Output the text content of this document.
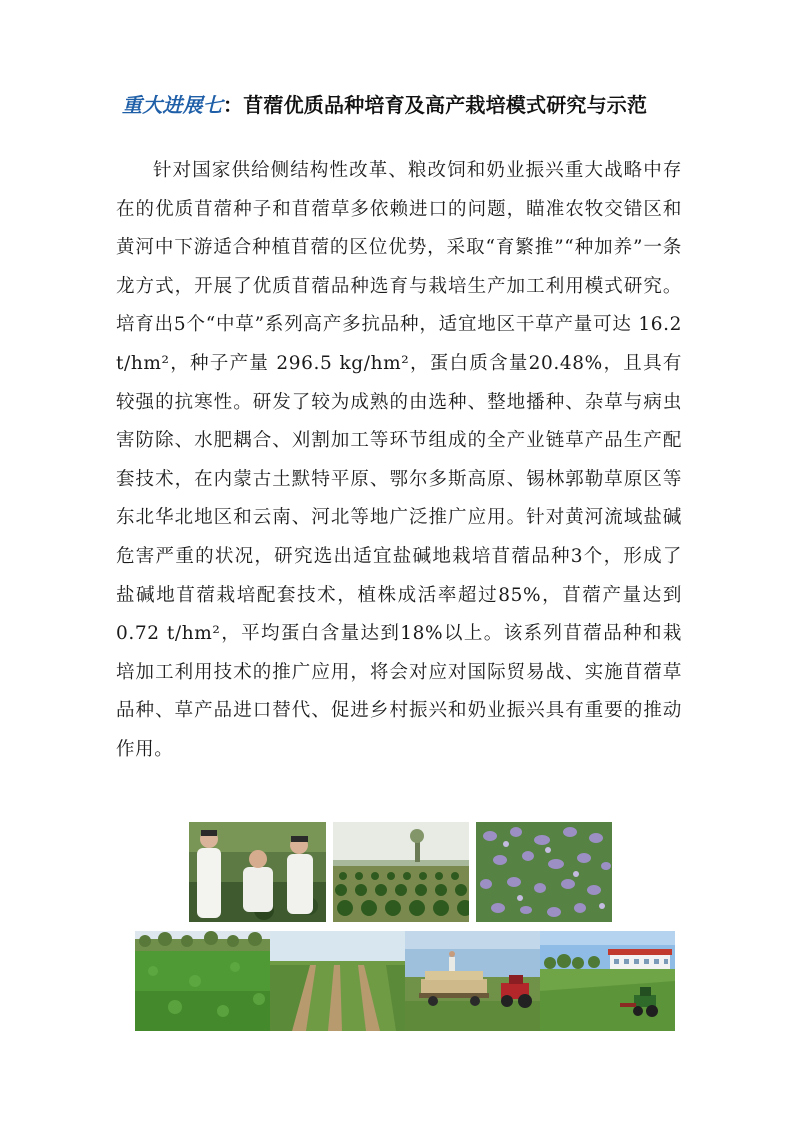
重大进展七：苜蓿优质品种培育及高产栽培模式研究与示范

针对国家供给侧结构性改革、粮改饲和奶业振兴重大战略中存在的优质苜蓿种子和苜蓿草多依赖进口的问题，瞄准农牧交错区和黄河中下游适合种植苜蓿的区位优势，采取“育繁推”“种加养”一条龙方式，开展了优质苜蓿品种选育与栽培生产加工利用模式研究。培育出5个“中草”系列高产多抗品种，适宜地区干草产量可达 16.2 t/hm²，种子产量 296.5 kg/hm²，蛋白质含量20.48%，且具有较强的抗寒性。研发了较为成熟的由选种、整地播种、杂草与病虫害防除、水肥耦合、刈割加工等环节组成的全产业链草产品生产配套技术，在内蒙古土默特平原、鄂尔多斯高原、锡林郭勒草原区等东北华北地区和云南、河北等地广泛推广应用。针对黄河流域盐碱危害严重的状况，研究选出适宜盐碱地栽培苜蓿品种3个，形成了盐碱地苜蓿栽培配套技术，植株成活率超过85%，苜蓿产量达到0.72 t/hm²，平均蛋白含量达到18%以上。该系列苜蓿品种和栽培加工利用技术的推广应用，将会对应对国际贸易战、实施苜蓿草品种、草产品进口替代、促进乡村振兴和奶业振兴具有重要的推动作用。
